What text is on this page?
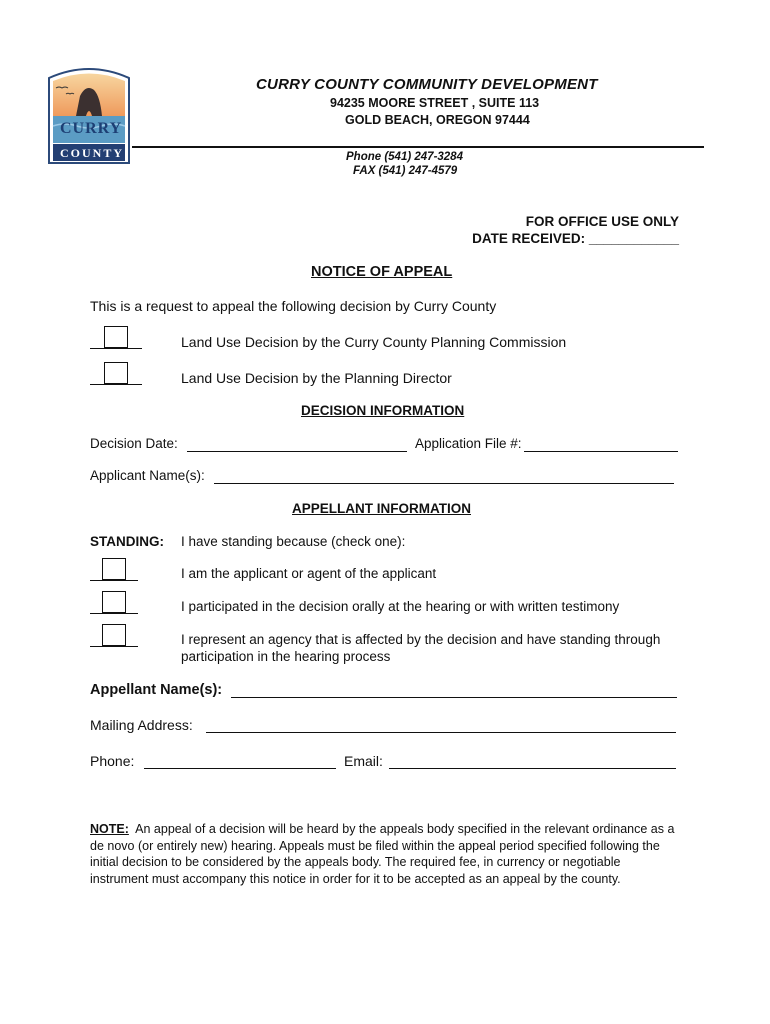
CURRY
COUNTY
CURRY COUNTY COMMUNITY DEVELOPMENT
94235 MOORE STREET , SUITE 113
GOLD BEACH, OREGON 97444
Phone (541) 247-3284
FAX (541) 247-4579
FOR OFFICE USE ONLY
DATE RECEIVED: ____________
NOTICE OF APPEAL
This is a request to appeal the following decision by Curry County
Land Use Decision by the Curry County Planning Commission
Land Use Decision by the Planning Director
DECISION INFORMATION
Decision Date:	Application File #:
Applicant Name(s):
APPELLANT INFORMATION
STANDING: I have standing because (check one):
I am the applicant or agent of the applicant
I participated in the decision orally at the hearing or with written testimony
I represent an agency that is affected by the decision and have standing through
participation in the hearing process
Appellant Name(s):
Mailing Address:
Phone:	Email:
NOTE: An appeal of a decision will be heard by the appeals body specified in the relevant ordinance as a de novo (or entirely new) hearing. Appeals must be filed within the appeal period specified following the initial decision to be considered by the appeals body. The required fee, in currency or negotiable instrument must accompany this notice in order for it to be accepted as an appeal by the county.
